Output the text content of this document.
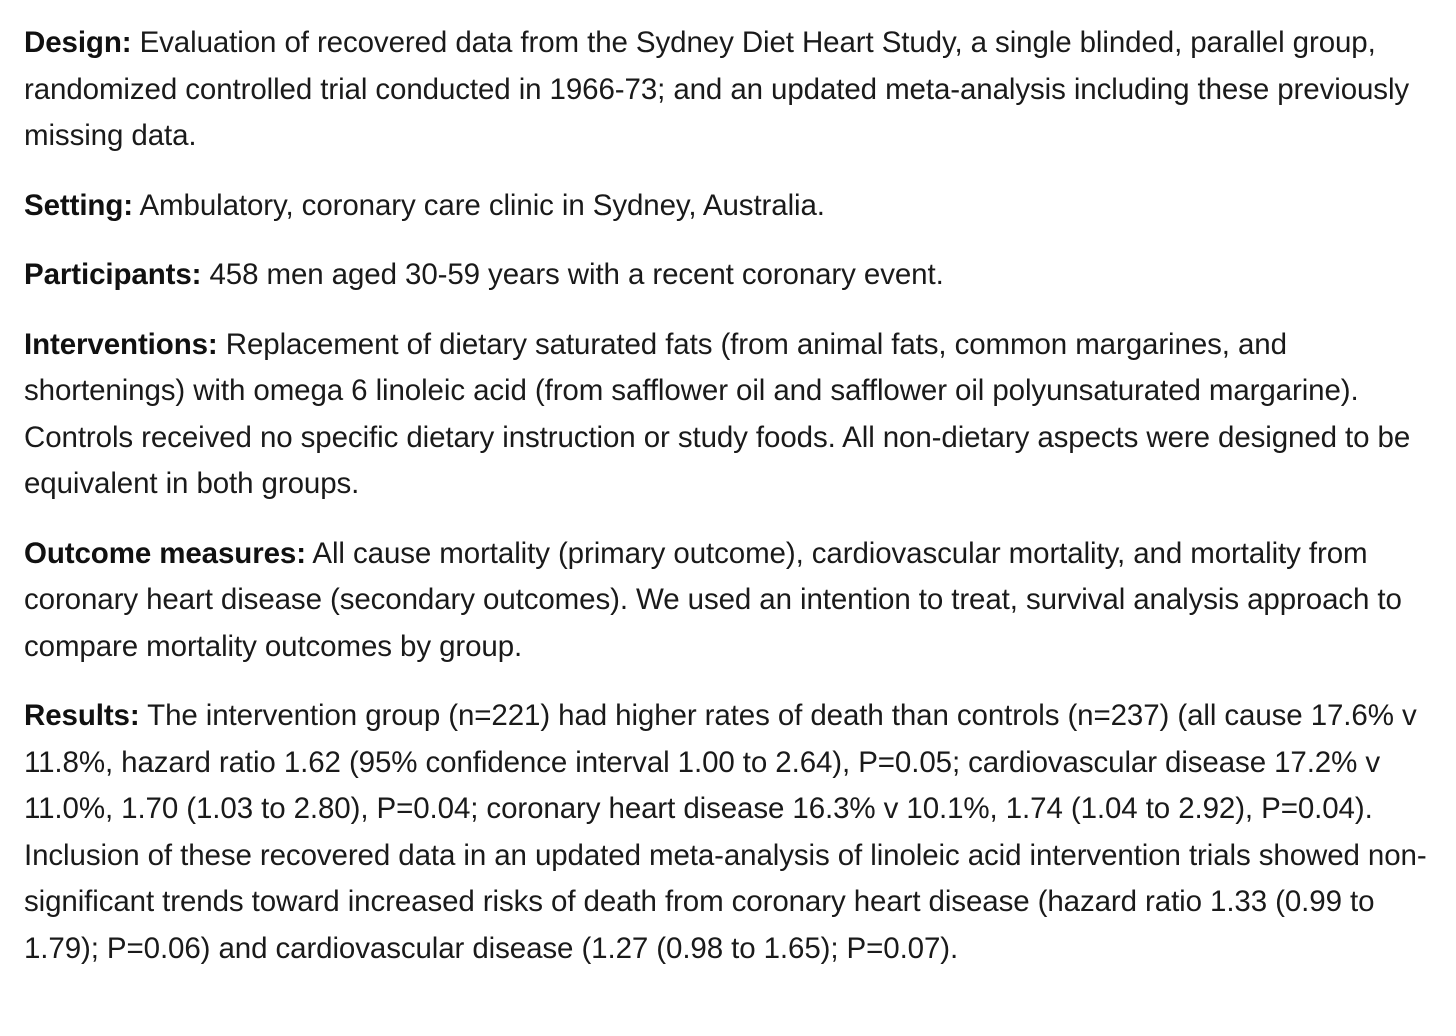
Design: Evaluation of recovered data from the Sydney Diet Heart Study, a single blinded, parallel group, randomized controlled trial conducted in 1966-73; and an updated meta-analysis including these previously missing data.

Setting: Ambulatory, coronary care clinic in Sydney, Australia.

Participants: 458 men aged 30-59 years with a recent coronary event.

Interventions: Replacement of dietary saturated fats (from animal fats, common margarines, and shortenings) with omega 6 linoleic acid (from safflower oil and safflower oil polyunsaturated margarine). Controls received no specific dietary instruction or study foods. All non-dietary aspects were designed to be equivalent in both groups.

Outcome measures: All cause mortality (primary outcome), cardiovascular mortality, and mortality from coronary heart disease (secondary outcomes). We used an intention to treat, survival analysis approach to compare mortality outcomes by group.

Results: The intervention group (n=221) had higher rates of death than controls (n=237) (all cause 17.6% v 11.8%, hazard ratio 1.62 (95% confidence interval 1.00 to 2.64), P=0.05; cardiovascular disease 17.2% v 11.0%, 1.70 (1.03 to 2.80), P=0.04; coronary heart disease 16.3% v 10.1%, 1.74 (1.04 to 2.92), P=0.04). Inclusion of these recovered data in an updated meta-analysis of linoleic acid intervention trials showed non-significant trends toward increased risks of death from coronary heart disease (hazard ratio 1.33 (0.99 to 1.79); P=0.06) and cardiovascular disease (1.27 (0.98 to 1.65); P=0.07).
